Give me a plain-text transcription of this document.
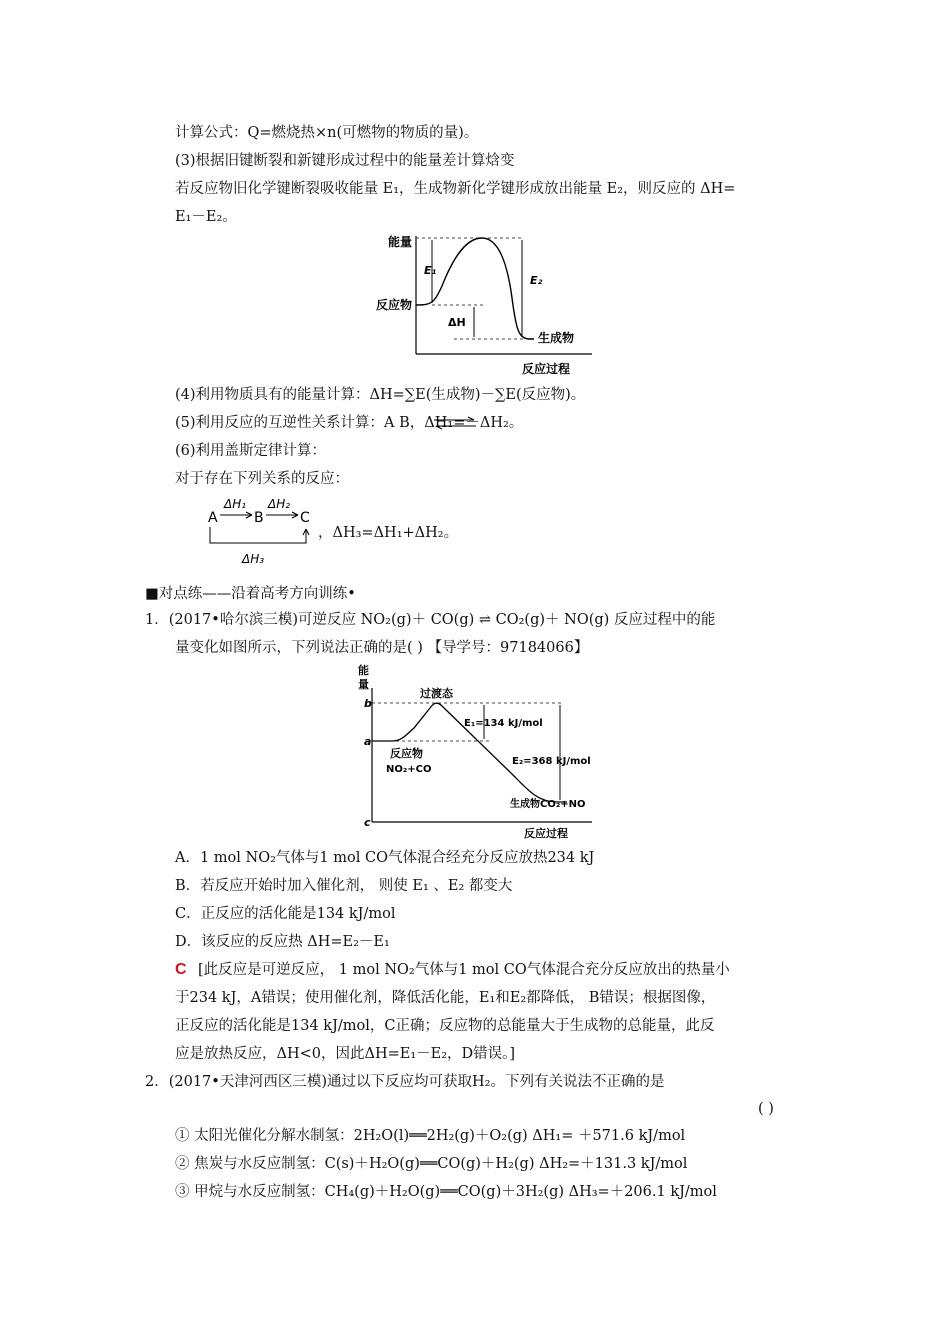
计算公式：Q=燃烧热×n(可燃物的物质的量)。
(3)根据旧键断裂和新键形成过程中的能量差计算焓变
若反应物旧化学键断裂吸收能量 E₁，生成物新化学键形成放出能量 E₂，则反应的 ΔH=
E₁－E₂。
能量
反应物
E₁
ΔH
E₂
生成物
反应过程
(4)利用物质具有的能量计算：ΔH=∑E(生成物)－∑E(反应物)。
(5)利用反应的互逆性关系计算：A B，ΔH₁=－ΔH₂。
(6)利用盖斯定律计算：
对于存在下列关系的反应：
A	B	C
ΔH₁ ΔH₂
ΔH₃
，ΔH₃=ΔH₁+ΔH₂。
■对点练——沿着高考方向训练•
1．(2017•哈尔滨三模)可逆反应 NO₂(g)＋ CO(g) ⇌ CO₂(g)＋ NO(g) 反应过程中的能
量变化如图所示，下列说法正确的是( ) 【导学号：97184066】
能
量
b
a
c
过渡态
E₁=134 kJ/mol
E₂=368 kJ/mol
反应物
NO₂+CO
生成物CO₂+NO
反应过程
A．1 mol NO₂气体与1 mol CO气体混合经充分反应放热234 kJ
B．若反应开始时加入催化剂， 则使 E₁ 、E₂ 都变大
C．正反应的活化能是134 kJ/mol
D．该反应的反应热 ΔH=E₂－E₁
C [此反应是可逆反应， 1 mol NO₂气体与1 mol CO气体混合充分反应放出的热量小
于234 kJ，A错误；使用催化剂，降低活化能，E₁和E₂都降低， B错误；根据图像，
正反应的活化能是134 kJ/mol，C正确；反应物的总能量大于生成物的总能量，此反
应是放热反应，ΔH<0，因此ΔH=E₁－E₂，D错误。]
2．(2017•天津河西区三模)通过以下反应均可获取H₂。下列有关说法不正确的是
( )
① 太阳光催化分解水制氢：2H₂O(l)══2H₂(g)＋O₂(g) ΔH₁= ＋571.6 kJ/mol
② 焦炭与水反应制氢：C(s)＋H₂O(g)══CO(g)＋H₂(g) ΔH₂=＋131.3 kJ/mol
③ 甲烷与水反应制氢：CH₄(g)＋H₂O(g)══CO(g)＋3H₂(g) ΔH₃=＋206.1 kJ/mol
